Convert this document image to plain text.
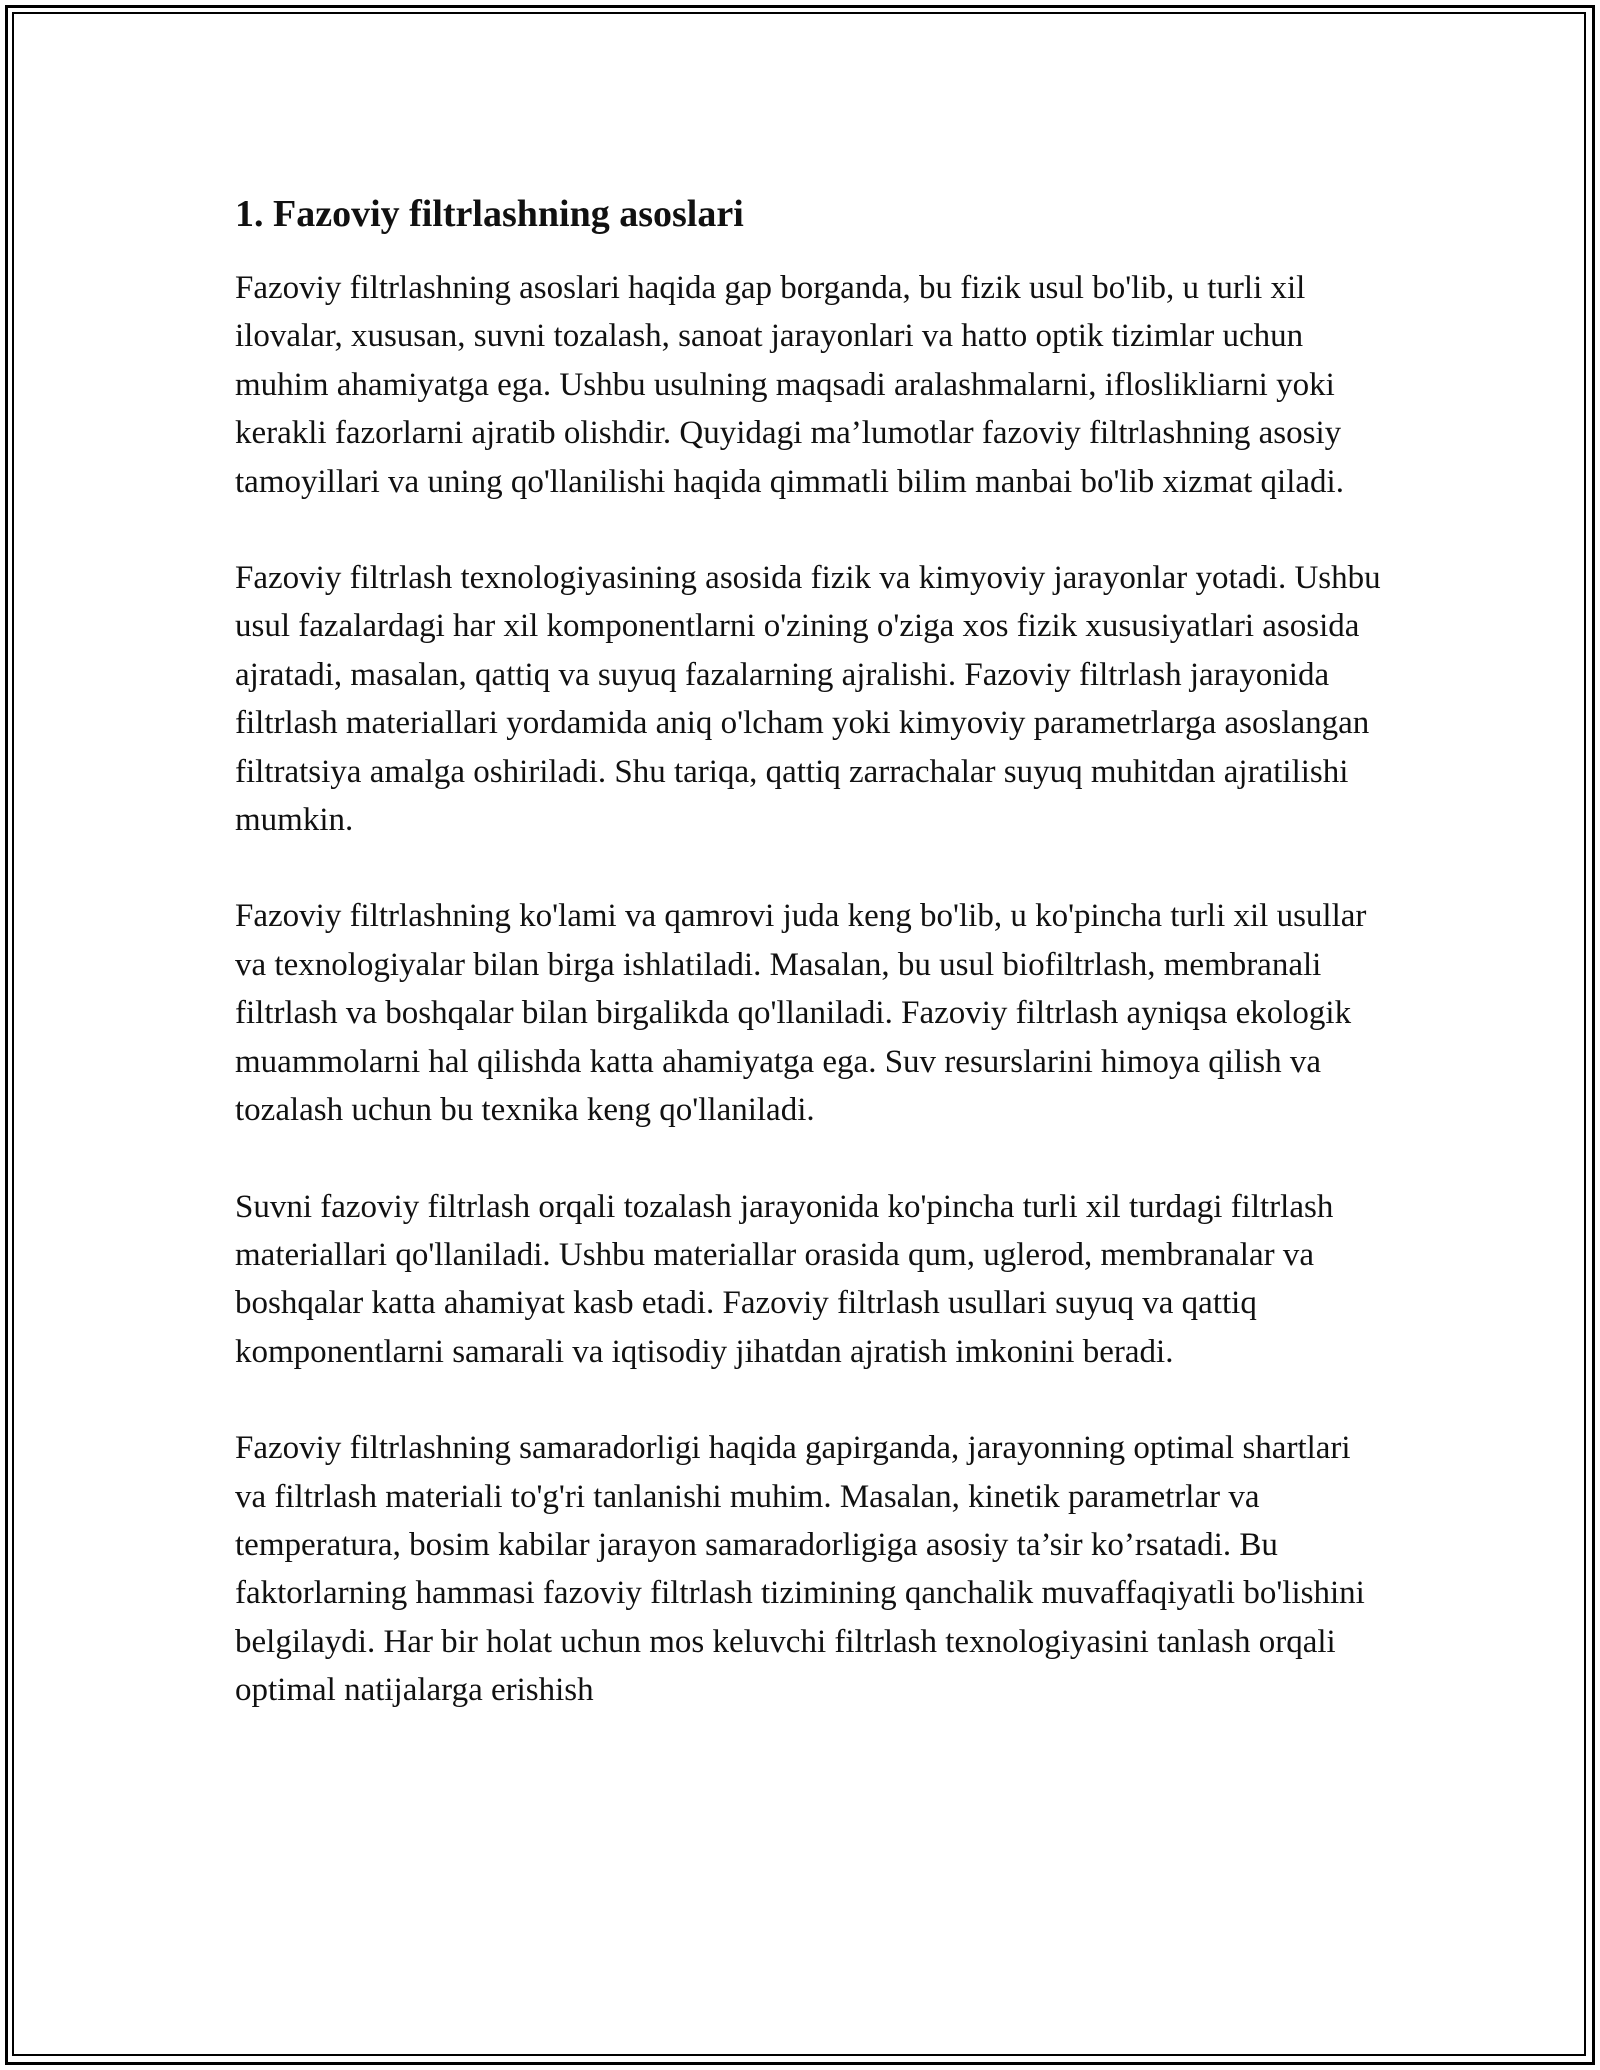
1. Fazoviy filtrlashning asoslari

Fazoviy filtrlashning asoslari haqida gap borganda, bu fizik usul bo'lib, u turli xil ilovalar, xususan, suvni tozalash, sanoat jarayonlari va hatto optik tizimlar uchun muhim ahamiyatga ega. Ushbu usulning maqsadi aralashmalarni, ifloslikliarni yoki kerakli fazorlarni ajratib olishdir. Quyidagi ma’lumotlar fazoviy filtrlashning asosiy tamoyillari va uning qo'llanilishi haqida qimmatli bilim manbai bo'lib xizmat qiladi.

Fazoviy filtrlash texnologiyasining asosida fizik va kimyoviy jarayonlar yotadi. Ushbu usul fazalardagi har xil komponentlarni o'zining o'ziga xos fizik xususiyatlari asosida ajratadi, masalan, qattiq va suyuq fazalarning ajralishi. Fazoviy filtrlash jarayonida filtrlash materiallari yordamida aniq o'lcham yoki kimyoviy parametrlarga asoslangan filtratsiya amalga oshiriladi. Shu tariqa, qattiq zarrachalar suyuq muhitdan ajratilishi mumkin.

Fazoviy filtrlashning ko'lami va qamrovi juda keng bo'lib, u ko'pincha turli xil usullar va texnologiyalar bilan birga ishlatiladi. Masalan, bu usul biofiltrlash, membranali filtrlash va boshqalar bilan birgalikda qo'llaniladi. Fazoviy filtrlash ayniqsa ekologik muammolarni hal qilishda katta ahamiyatga ega. Suv resurslarini himoya qilish va tozalash uchun bu texnika keng qo'llaniladi.

Suvni fazoviy filtrlash orqali tozalash jarayonida ko'pincha turli xil turdagi filtrlash materiallari qo'llaniladi. Ushbu materiallar orasida qum, uglerod, membranalar va boshqalar katta ahamiyat kasb etadi. Fazoviy filtrlash usullari suyuq va qattiq komponentlarni samarali va iqtisodiy jihatdan ajratish imkonini beradi.

Fazoviy filtrlashning samaradorligi haqida gapirganda, jarayonning optimal shartlari va filtrlash materiali to'g'ri tanlanishi muhim. Masalan, kinetik parametrlar va temperatura, bosim kabilar jarayon samaradorligiga asosiy ta’sir ko’rsatadi. Bu faktorlarning hammasi fazoviy filtrlash tizimining qanchalik muvaffaqiyatli bo'lishini belgilaydi. Har bir holat uchun mos keluvchi filtrlash texnologiyasini tanlash orqali optimal natijalarga erishish
